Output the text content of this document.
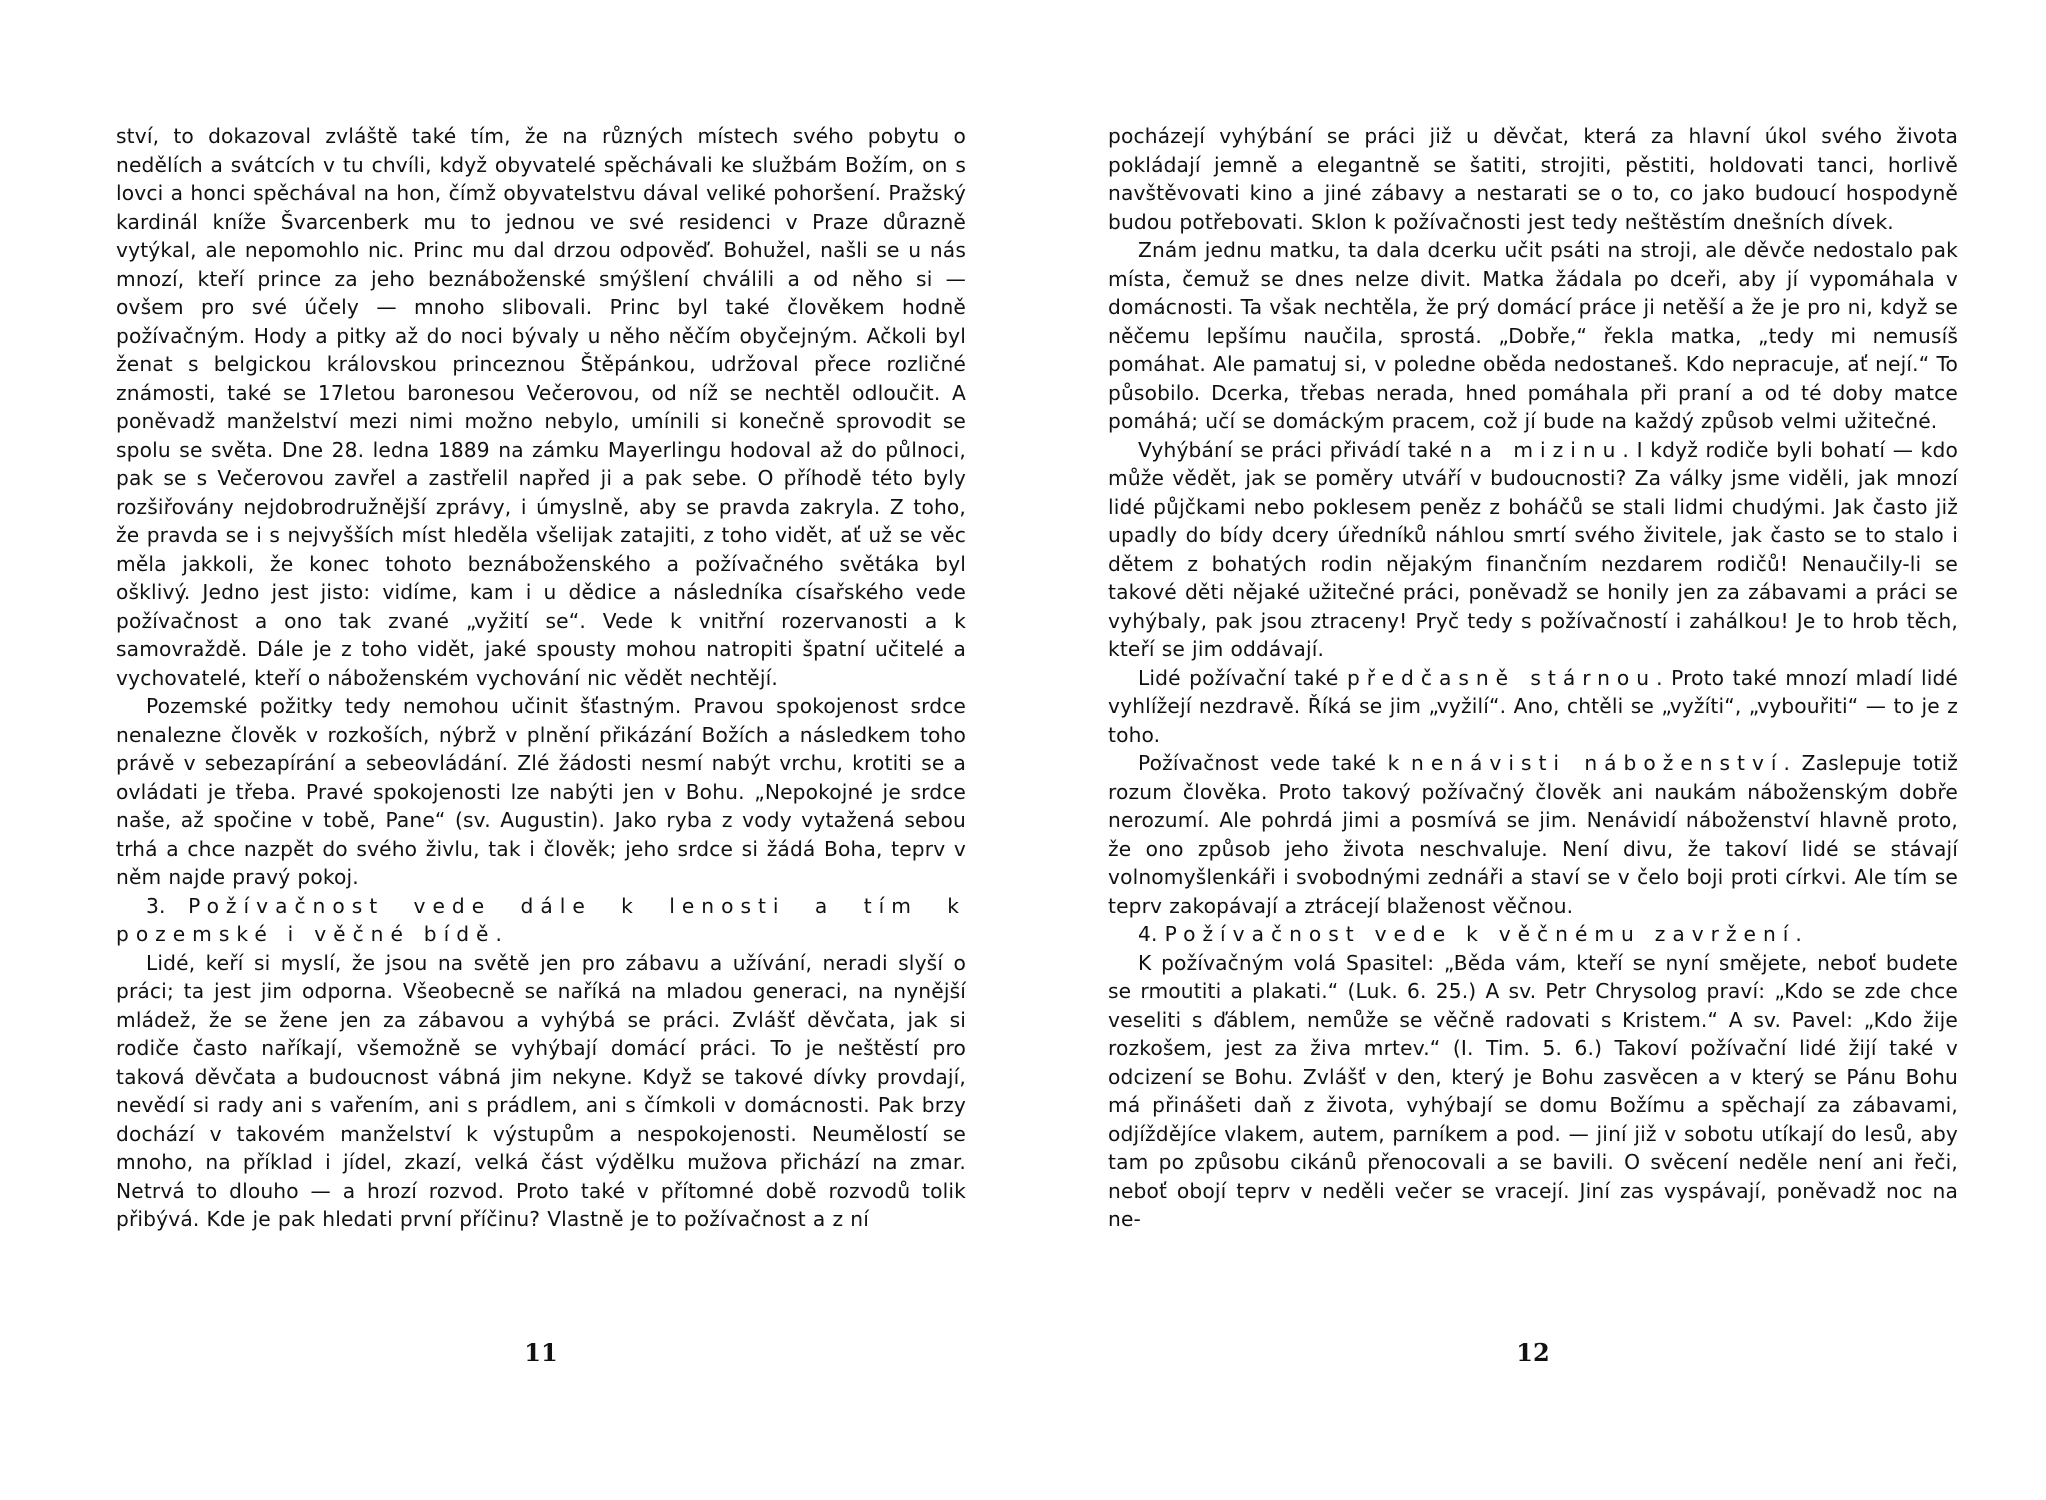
ství, to dokazoval zvláště také tím, že na různých místech svého pobytu o nedělích a svátcích v tu chvíli, když obyvatelé spěchávali ke službám Božím, on s lovci a honci spěchával na hon, čímž obyvatelstvu dával veliké pohoršení. Pražský kardinál kníže Švarcenberk mu to jednou ve své residenci v Praze důrazně vytýkal, ale nepomohlo nic. Princ mu dal drzou odpověď. Bohužel, našli se u nás mnozí, kteří prince za jeho beznáboženské smýšlení chválili a od něho si — ovšem pro své účely — mnoho slibovali. Princ byl také člověkem hodně požívačným. Hody a pitky až do noci bývaly u něho něčím obyčejným. Ačkoli byl ženat s belgickou královskou princeznou Štěpánkou, udržoval přece rozličné známosti, také se 17letou baronesou Večerovou, od níž se nechtěl odloučit. A poněvadž manželství mezi nimi možno nebylo, umínili si konečně sprovodit se spolu se světa. Dne 28. ledna 1889 na zámku Mayerlingu hodoval až do půlnoci, pak se s Večerovou zavřel a zastřelil napřed ji a pak sebe. O příhodě této byly rozšiřovány nejdobrodružnější zprávy, i úmyslně, aby se pravda zakryla. Z toho, že pravda se i s nejvyšších míst hleděla všelijak zatajiti, z toho vidět, ať už se věc měla jakkoli, že konec tohoto beznáboženského a požívačného světáka byl ošklivý. Jedno jest jisto: vidíme, kam i u dědice a následníka císařského vede požívačnost a ono tak zvané „vyžití se“. Vede k vnitřní rozervanosti a k samovraždě. Dále je z toho vidět, jaké spousty mohou natropiti špatní učitelé a vychovatelé, kteří o náboženském vychování nic vědět nechtějí.

Pozemské požitky tedy nemohou učinit šťastným. Pravou spokojenost srdce nenalezne člověk v rozkoších, nýbrž v plnění přikázání Božích a následkem toho právě v sebezapírání a sebeovládání. Zlé žádosti nesmí nabýt vrchu, krotiti se a ovládati je třeba. Pravé spokojenosti lze nabýti jen v Bohu. „Nepokojné je srdce naše, až spočine v tobě, Pane“ (sv. Augustin). Jako ryba z vody vytažená sebou trhá a chce nazpět do svého živlu, tak i člověk; jeho srdce si žádá Boha, teprv v něm najde pravý pokoj.

3. Požívačnost vede dále k lenosti a tím k pozemské i věčné bídě.

Lidé, keří si myslí, že jsou na světě jen pro zábavu a užívání, neradi slyší o práci; ta jest jim odporna. Všeobecně se naříká na mladou generaci, na nynější mládež, že se žene jen za zábavou a vyhýbá se práci. Zvlášť děvčata, jak si rodiče často naříkají, všemožně se vyhýbají domácí práci. To je neštěstí pro taková děvčata a budoucnost vábná jim nekyne. Když se takové dívky provdají, nevědí si rady ani s vařením, ani s prádlem, ani s čímkoli v domácnosti. Pak brzy dochází v takovém manželství k výstupům a nespokojenosti. Neumělostí se mnoho, na příklad i jídel, zkazí, velká část výdělku mužova přichází na zmar. Netrvá to dlouho — a hrozí rozvod. Proto také v přítomné době rozvodů tolik přibývá. Kde je pak hledati první příčinu? Vlastně je to požívačnost a z ní

11

pocházejí vyhýbání se práci již u děvčat, která za hlavní úkol svého života pokládají jemně a elegantně se šatiti, strojiti, pěstiti, holdovati tanci, horlivě navštěvovati kino a jiné zábavy a nestarati se o to, co jako budoucí hospodyně budou potřebovati. Sklon k požívačnosti jest tedy neštěstím dnešních dívek.

Znám jednu matku, ta dala dcerku učit psáti na stroji, ale děvče nedostalo pak místa, čemuž se dnes nelze divit. Matka žádala po dceři, aby jí vypomáhala v domácnosti. Ta však nechtěla, že prý domácí práce ji netěší a že je pro ni, když se něčemu lepšímu naučila, sprostá. „Dobře,“ řekla matka, „tedy mi nemusíš pomáhat. Ale pamatuj si, v poledne oběda nedostaneš. Kdo nepracuje, ať nejí.“ To působilo. Dcerka, třebas nerada, hned pomáhala při praní a od té doby matce pomáhá; učí se domáckým pracem, což jí bude na každý způsob velmi užitečné.

Vyhýbání se práci přivádí také na mizinu. I když rodiče byli bohatí — kdo může vědět, jak se poměry utváří v budoucnosti? Za války jsme viděli, jak mnozí lidé půjčkami nebo poklesem peněz z boháčů se stali lidmi chudými. Jak často již upadly do bídy dcery úředníků náhlou smrtí svého živitele, jak často se to stalo i dětem z bohatých rodin nějakým finančním nezdarem rodičů! Nenaučily-li se takové děti nějaké užitečné práci, poněvadž se honily jen za zábavami a práci se vyhýbaly, pak jsou ztraceny! Pryč tedy s požívačností i zahálkou! Je to hrob těch, kteří se jim oddávají.

Lidé požívační také předčasně stárnou. Proto také mnozí mladí lidé vyhlížejí nezdravě. Říká se jim „vyžilí“. Ano, chtěli se „vyžíti“, „vybouřiti“ — to je z toho.

Požívačnost vede také k nenávisti náboženství. Zaslepuje totiž rozum člověka. Proto takový požívačný člověk ani naukám náboženským dobře nerozumí. Ale pohrdá jimi a posmívá se jim. Nenávidí náboženství hlavně proto, že ono způsob jeho života neschvaluje. Není divu, že takoví lidé se stávají volnomyšlenkáři i svobodnými zednáři a staví se v čelo boji proti církvi. Ale tím se teprv zakopávají a ztrácejí blaženost věčnou.

4. Požívačnost vede k věčnému zavržení.

K požívačným volá Spasitel: „Běda vám, kteří se nyní smějete, neboť budete se rmoutiti a plakati.“ (Luk. 6. 25.) A sv. Petr Chrysolog praví: „Kdo se zde chce veseliti s ďáblem, nemůže se věčně radovati s Kristem.“ A sv. Pavel: „Kdo žije rozkošem, jest za živa mrtev.“ (I. Tim. 5. 6.) Takoví požívační lidé žijí také v odcizení se Bohu. Zvlášť v den, který je Bohu zasvěcen a v který se Pánu Bohu má přinášeti daň z života, vyhýbají se domu Božímu a spěchají za zábavami, odjíždějíce vlakem, autem, parníkem a pod. — jiní již v sobotu utíkají do lesů, aby tam po způsobu cikánů přenocovali a se bavili. O svěcení neděle není ani řeči, neboť obojí teprv v neděli večer se vracejí. Jiní zas vyspávají, poněvadž noc na ne-

12
